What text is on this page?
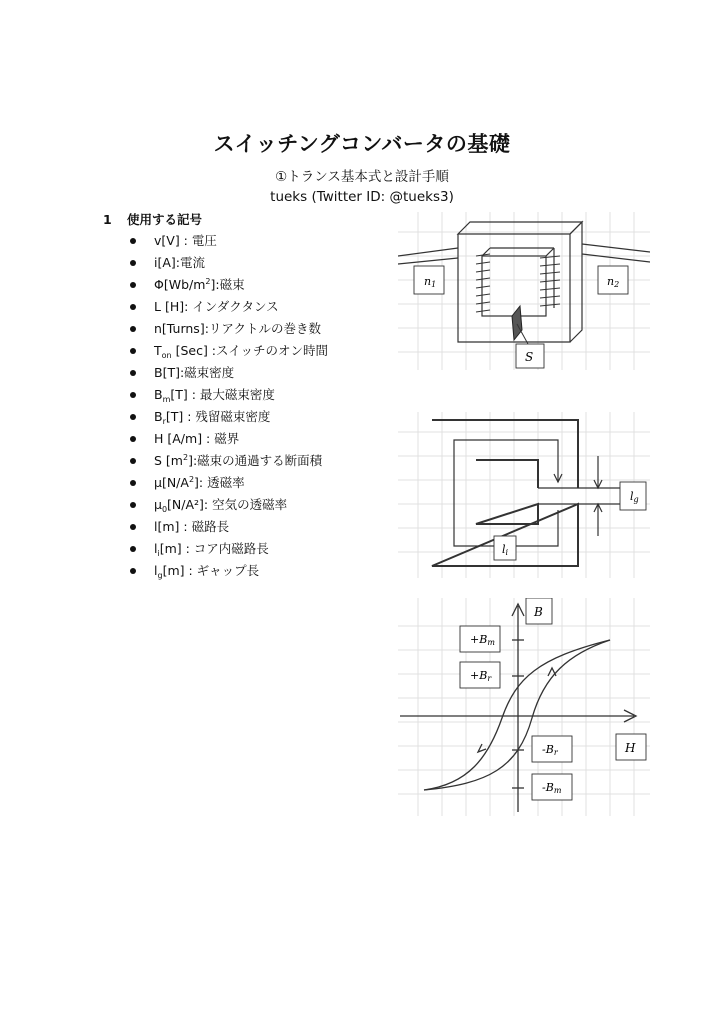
スイッチングコンバータの基礎
①トランス基本式と設計手順
tueks (Twitter ID: @tueks3)
1 使用する記号
v[V] : 電圧
i[A]:電流
$\Phi[Wb/m^2]$:磁束
L [H]: インダクタンス
n[Turns]:リアクトルの巻き数
$T_{on}$ [Sec] :スイッチのオン時間
B[T]:磁束密度
$B_m[T]$ : 最大磁束密度
$B_r[T]$ : 残留磁束密度
H [A/m] : 磁界
S $[m^2]$:磁束の通過する断面積
$\mu[N/A^2]$: 透磁率
$\mu_0[N/A^2]$: 空気の透磁率
l[m] : 磁路長
$l_i[m]$ : コア内磁路長
$l_g[m]$ : ギャップ長
n1	n2
S
li
lg
B
H
+Bm
+Br
-Br
-Bm
